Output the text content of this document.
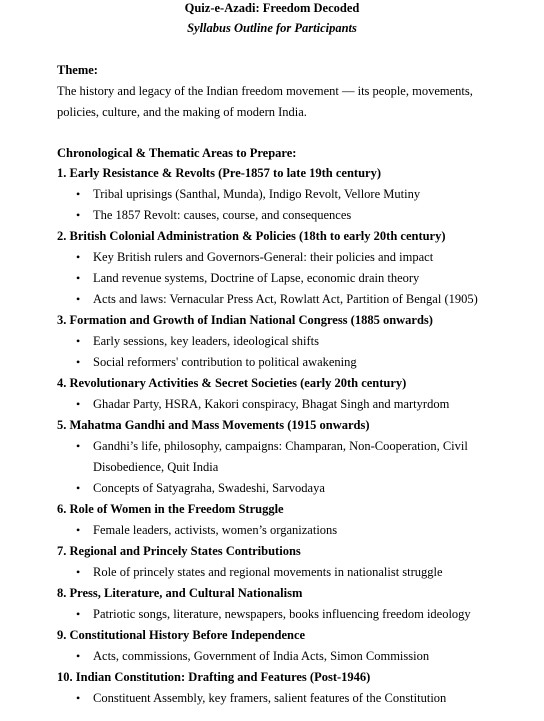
Quiz-e-Azadi: Freedom Decoded
Syllabus Outline for Participants
Theme:
The history and legacy of the Indian freedom movement — its people, movements, policies, culture, and the making of modern India.
Chronological & Thematic Areas to Prepare:
1. Early Resistance & Revolts (Pre-1857 to late 19th century)
• Tribal uprisings (Santhal, Munda), Indigo Revolt, Vellore Mutiny
• The 1857 Revolt: causes, course, and consequences
2. British Colonial Administration & Policies (18th to early 20th century)
• Key British rulers and Governors-General: their policies and impact
• Land revenue systems, Doctrine of Lapse, economic drain theory
• Acts and laws: Vernacular Press Act, Rowlatt Act, Partition of Bengal (1905)
3. Formation and Growth of Indian National Congress (1885 onwards)
• Early sessions, key leaders, ideological shifts
• Social reformers' contribution to political awakening
4. Revolutionary Activities & Secret Societies (early 20th century)
• Ghadar Party, HSRA, Kakori conspiracy, Bhagat Singh and martyrdom
5. Mahatma Gandhi and Mass Movements (1915 onwards)
• Gandhi’s life, philosophy, campaigns: Champaran, Non-Cooperation, Civil Disobedience, Quit India
• Concepts of Satyagraha, Swadeshi, Sarvodaya
6. Role of Women in the Freedom Struggle
• Female leaders, activists, women’s organizations
7. Regional and Princely States Contributions
• Role of princely states and regional movements in nationalist struggle
8. Press, Literature, and Cultural Nationalism
• Patriotic songs, literature, newspapers, books influencing freedom ideology
9. Constitutional History Before Independence
• Acts, commissions, Government of India Acts, Simon Commission
10. Indian Constitution: Drafting and Features (Post-1946)
• Constituent Assembly, key framers, salient features of the Constitution
